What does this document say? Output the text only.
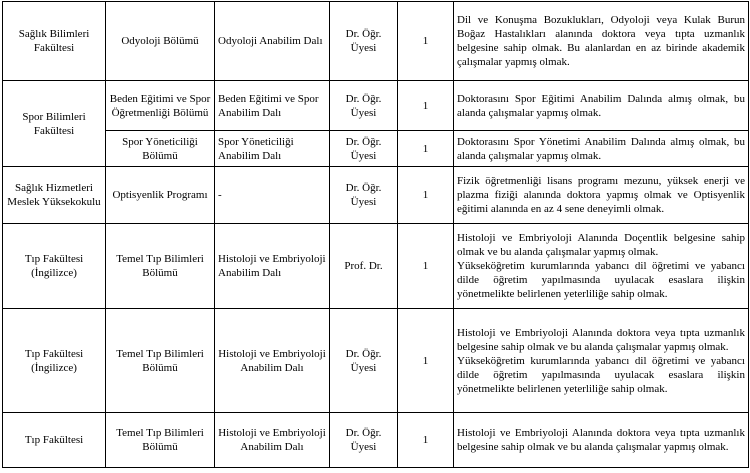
Sağlık Bilimleri Fakültesi	Odyoloji Bölümü	Odyoloji Anabilim Dalı	Dr. Öğr. Üyesi	1	Dil ve Konuşma Bozuklukları, Odyoloji veya Kulak Burun Boğaz Hastalıkları alanında doktora veya tıpta uzmanlık belgesine sahip olmak. Bu alanlardan en az birinde akademik çalışmalar yapmış olmak.
Spor Bilimleri Fakültesi	Beden Eğitimi ve Spor Öğretmenliği Bölümü	Beden Eğitimi ve Spor Anabilim Dalı	Dr. Öğr. Üyesi	1	Doktorasını Spor Eğitimi Anabilim Dalında almış olmak, bu alanda çalışmalar yapmış olmak.
	Spor Yöneticiliği Bölümü	Spor Yöneticiliği Anabilim Dalı	Dr. Öğr. Üyesi	1	Doktorasını Spor Yönetimi Anabilim Dalında almış olmak, bu alanda çalışmalar yapmış olmak.
Sağlık Hizmetleri Meslek Yüksekokulu	Optisyenlik Programı	-	Dr. Öğr. Üyesi	1	Fizik öğretmenliği lisans programı mezunu, yüksek enerji ve plazma fiziği alanında doktora yapmış olmak ve Optisyenlik eğitimi alanında en az 4 sene deneyimli olmak.
Tıp Fakültesi (İngilizce)	Temel Tıp Bilimleri Bölümü	Histoloji ve Embriyoloji Anabilim Dalı	Prof. Dr.	1	Histoloji ve Embriyoloji Alanında Doçentlik belgesine sahip olmak ve bu alanda çalışmalar yapmış olmak.
Yükseköğretim kurumlarında yabancı dil öğretimi ve yabancı dilde öğretim yapılmasında uyulacak esaslara ilişkin yönetmelikte belirlenen yeterliliğe sahip olmak.

Tıp Fakültesi (İngilizce)	Temel Tıp Bilimleri Bölümü	Histoloji ve Embriyoloji Anabilim Dalı	Dr. Öğr. Üyesi	1	Histoloji ve Embriyoloji Alanında doktora veya tıpta uzmanlık belgesine sahip olmak ve bu alanda çalışmalar yapmış olmak.
Yükseköğretim kurumlarında yabancı dil öğretimi ve yabancı dilde öğretim yapılmasında uyulacak esaslara ilişkin yönetmelikte belirlenen yeterliliğe sahip olmak.

Tıp Fakültesi	Temel Tıp Bilimleri Bölümü	Histoloji ve Embriyoloji Anabilim Dalı	Dr. Öğr. Üyesi	1	Histoloji ve Embriyoloji Alanında doktora veya tıpta uzmanlık belgesine sahip olmak ve bu alanda çalışmalar yapmış olmak.
